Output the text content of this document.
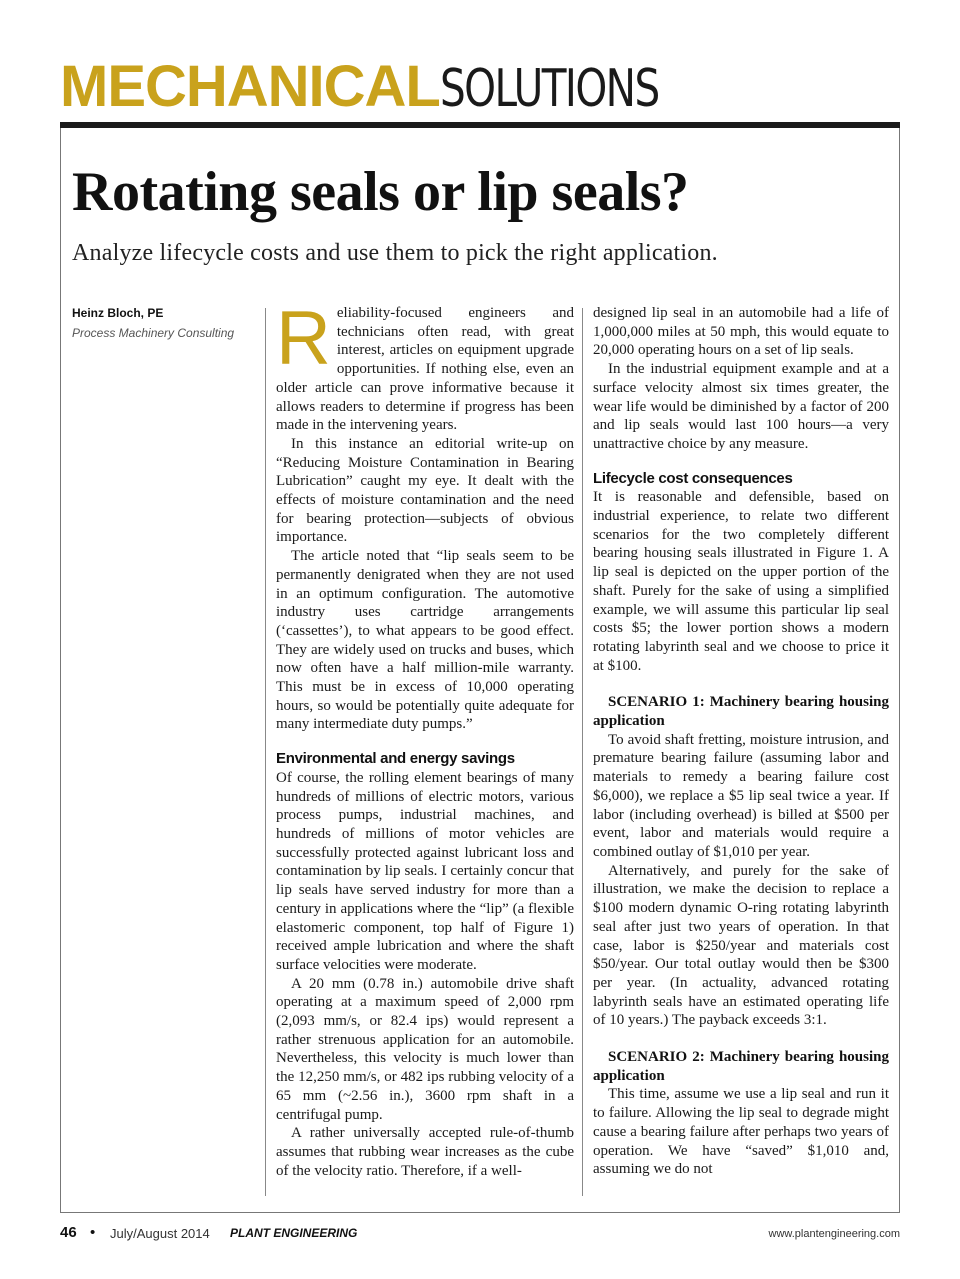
MECHANICALSOLUTIONS
Rotating seals or lip seals?
Analyze lifecycle costs and use them to pick the right application.
Heinz Bloch, PE
Process Machinery Consulting Reliability-focused engineers and technicians often read, with great interest, articles on equipment upgrade opportunities. If nothing else, even an older article can prove informative because it allows readers to determine if progress has been made in the intervening years.

In this instance an editorial write-up on “Reducing Moisture Contamination in Bearing Lubrication” caught my eye. It dealt with the effects of moisture contamination and the need for bearing protection—subjects of obvious importance.

The article noted that “lip seals seem to be permanently denigrated when they are not used in an optimum configuration. The automotive industry uses cartridge arrangements (‘cassettes’), to what appears to be good effect. They are widely used on trucks and buses, which now often have a half million-mile warranty. This must be in excess of 10,000 operating hours, so would be potentially quite adequate for many intermediate duty pumps.”

Environmental and energy savings

Of course, the rolling element bearings of many hundreds of millions of electric motors, various process pumps, industrial machines, and hundreds of millions of motor vehicles are successfully protected against lubricant loss and contamination by lip seals. I certainly concur that lip seals have served industry for more than a century in applications where the “lip” (a flexible elastomeric component, top half of Figure 1) received ample lubrication and where the shaft surface velocities were moderate.

A 20 mm (0.78 in.) automobile drive shaft operating at a maximum speed of 2,000 rpm (2,093 mm/s, or 82.4 ips) would represent a rather strenuous application for an automobile. Nevertheless, this velocity is much lower than the 12,250 mm/s, or 482 ips rubbing velocity of a 65 mm (~2.56 in.), 3600 rpm shaft in a centrifugal pump.

A rather universally accepted rule-of-thumb assumes that rubbing wear increases as the cube of the velocity ratio. Therefore, if a well-

designed lip seal in an automobile had a life of 1,000,000 miles at 50 mph, this would equate to 20,000 operating hours on a set of lip seals.

In the industrial equipment example and at a surface velocity almost six times greater, the wear life would be diminished by a factor of 200 and lip seals would last 100 hours—a very unattractive choice by any measure.

Lifecycle cost consequences

It is reasonable and defensible, based on industrial experience, to relate two different scenarios for the two completely different bearing housing seals illustrated in Figure 1. A lip seal is depicted on the upper portion of the shaft. Purely for the sake of using a simplified example, we will assume this particular lip seal costs $5; the lower portion shows a modern rotating labyrinth seal and we choose to price it at $100.

SCENARIO 1: Machinery bearing housing application

To avoid shaft fretting, moisture intrusion, and premature bearing failure (assuming labor and materials to remedy a bearing failure cost $6,000), we replace a $5 lip seal twice a year. If labor (including overhead) is billed at $500 per event, labor and materials would require a combined outlay of $1,010 per year.

Alternatively, and purely for the sake of illustration, we make the decision to replace a $100 modern dynamic O-ring rotating labyrinth seal after just two years of operation. In that case, labor is $250/year and materials cost $50/year. Our total outlay would then be $300 per year. (In actuality, advanced rotating labyrinth seals have an estimated operating life of 10 years.) The payback exceeds 3:1.

SCENARIO 2: Machinery bearing housing application

This time, assume we use a lip seal and run it to failure. Allowing the lip seal to degrade might cause a bearing failure after perhaps two years of operation. We have “saved” $1,010 and, assuming we do not

46 • July/August 2014 PLANT ENGINEERING	www.plantengineering.com
